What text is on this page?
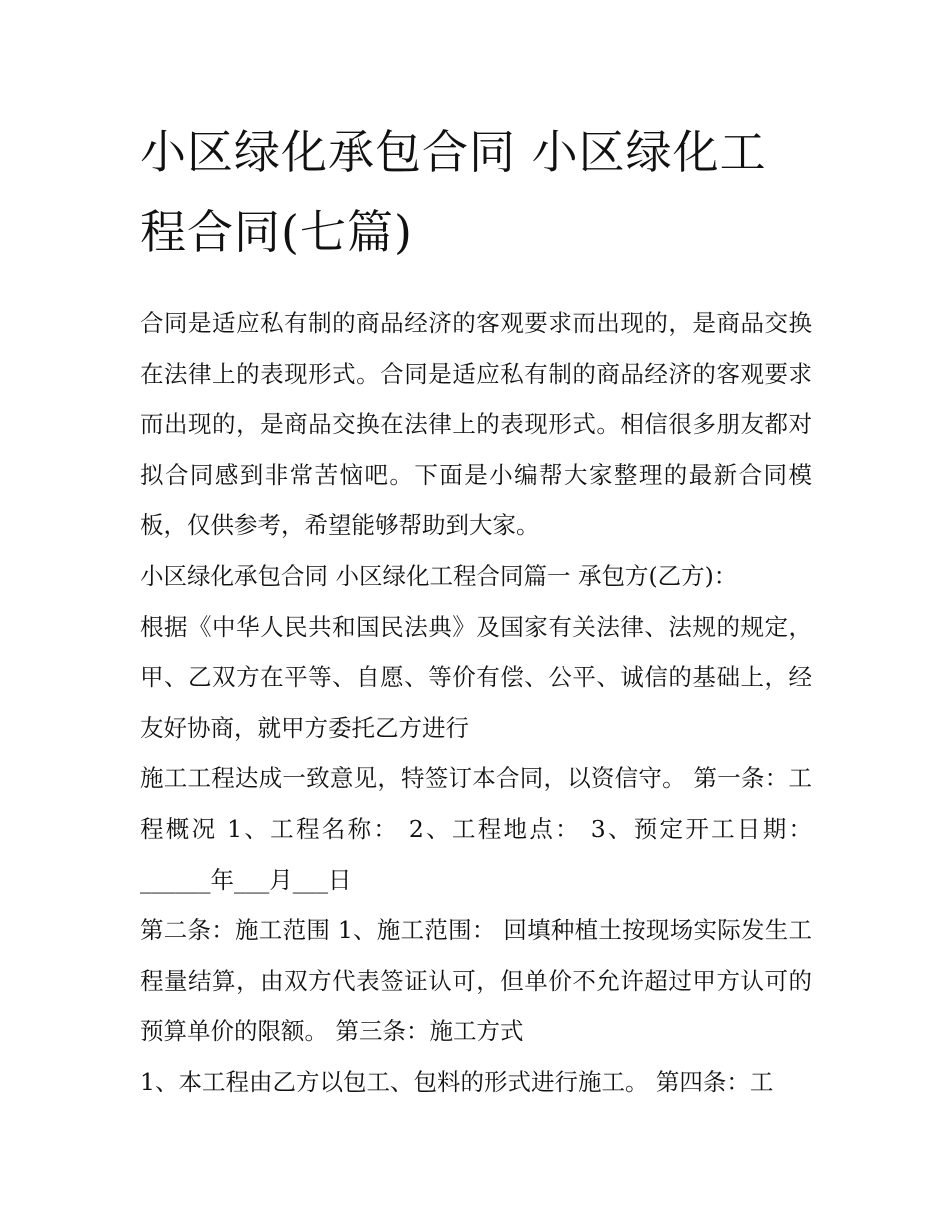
小区绿化承包合同 小区绿化工
程合同(七篇)

合同是适应私有制的商品经济的客观要求而出现的，是商品交换在法律上的表现形式。合同是适应私有制的商品经济的客观要求而出现的，是商品交换在法律上的表现形式。相信很多朋友都对拟合同感到非常苦恼吧。下面是小编帮大家整理的最新合同模板，仅供参考，希望能够帮助到大家。

小区绿化承包合同 小区绿化工程合同篇一 承包方(乙方)：

根据《中华人民共和国民法典》及国家有关法律、法规的规定，甲、乙双方在平等、自愿、等价有偿、公平、诚信的基础上，经友好协商，就甲方委托乙方进行

施工工程达成一致意见，特签订本合同，以资信守。 第一条：工程概况 1、工程名称： 2、工程地点： 3、预定开工日期：______年___月___日

第二条：施工范围 1、施工范围： 回填种植土按现场实际发生工程量结算，由双方代表签证认可，但单价不允许超过甲方认可的预算单价的限额。 第三条：施工方式

1、本工程由乙方以包工、包料的形式进行施工。 第四条：工
